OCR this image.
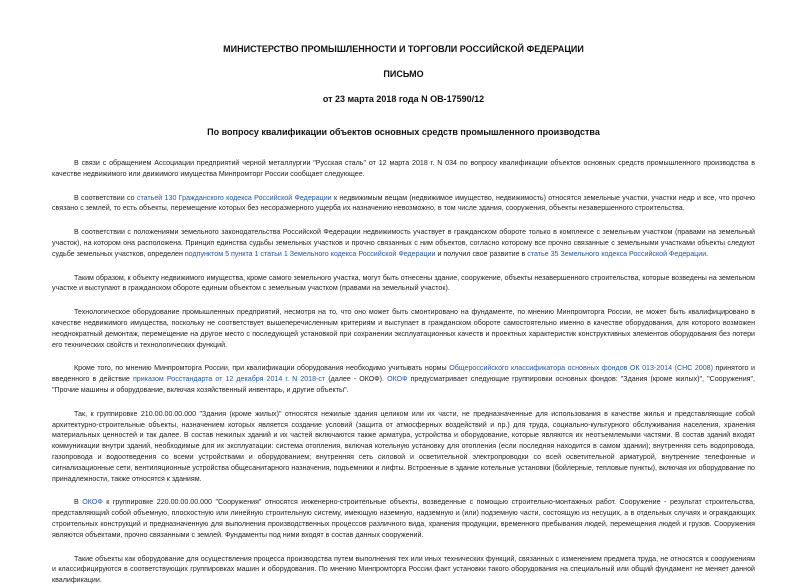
МИНИСТЕРСТВО ПРОМЫШЛЕННОСТИ И ТОРГОВЛИ РОССИЙСКОЙ ФЕДЕРАЦИИ
ПИСЬМО
от 23 марта 2018 года N ОВ-17590/12
По вопросу квалификации объектов основных средств промышленного производства

В связи с обращением Ассоциации предприятий черной металлургии "Русская сталь" от 12 марта 2018 г. N 034 по вопросу квалификации объектов основных средств промышленного производства в качестве недвижимого или движимого имущества Минпромторг России сообщает следующее.

В соответствии со статьей 130 Гражданского кодекса Российской Федерации к недвижимым вещам (недвижимое имущество, недвижимость) относятся земельные участки, участки недр и все, что прочно связано с землей, то есть объекты, перемещение которых без несоразмерного ущерба их назначению невозможно, в том числе здания, сооружения, объекты незавершенного строительства.

В соответствии с положениями земельного законодательства Российской Федерации недвижимость участвует в гражданском обороте только в комплексе с земельным участком (правами на земельный участок), на котором она расположена. Принцип единства судьбы земельных участков и прочно связанных с ним объектов, согласно которому все прочно связанные с земельными участками объекты следуют судьбе земельных участков, определен подпунктом 5 пункта 1 статьи 1 Земельного кодекса Российской Федерации и получил свое развитие в статье 35 Земельного кодекса Российской Федерации.

Таким образом, к объекту недвижимого имущества, кроме самого земельного участка, могут быть отнесены здание, сооружение, объекты незавершенного строительства, которые возведены на земельном участке и выступают в гражданском обороте единым объектом с земельным участком (правами на земельный участок).

Технологическое оборудование промышленных предприятий, несмотря на то, что оно может быть смонтировано на фундаменте, по мнению Минпромторга России, не может быть квалифицировано в качестве недвижимого имущества, поскольку не соответствует вышеперечисленным критериям и выступает в гражданском обороте самостоятельно именно в качестве оборудования, для которого возможен неоднократный демонтаж, перемещение на другое место с последующей установкой при сохранении эксплуатационных качеств и проектных характеристик конструктивных элементов оборудования без потери его технических свойств и технологических функций.

Кроме того, по мнению Минпромторга России, при квалификации оборудования необходимо учитывать нормы Общероссийского классификатора основных фондов ОК 013-2014 (СНС 2008) принятого и введенного в действие приказом Росстандарта от 12 декабря 2014 г. N 2018-ст (далее - ОКОФ). ОКОФ предусматривает следующие группировки основных фондов: "Здания (кроме жилых)", "Сооружения", "Прочие машины и оборудование, включая хозяйственный инвентарь, и другие объекты".

Так, к группировке 210.00.00.00.000 "Здания (кроме жилых)" относятся нежилые здания целиком или их части, не предназначенные для использования в качестве жилья и представляющие собой архитектурно-строительные объекты, назначением которых является создание условий (защита от атмосферных воздействий и пр.) для труда, социально-культурного обслуживания населения, хранения материальных ценностей и так далее. В состав нежилых зданий и их частей включаются также арматура, устройства и оборудование, которые являются их неотъемлемыми частями. В состав зданий входят коммуникации внутри зданий, необходимые для их эксплуатации: система отопления, включая котельную установку для отопления (если последняя находится в самом здании); внутренняя сеть водопровода, газопровода и водоотведения со всеми устройствами и оборудованием; внутренняя сеть силовой и осветительной электропроводки со всей осветительной арматурой, внутренние телефонные и сигнализационные сети, вентиляционные устройства общесанитарного назначения, подъемники и лифты. Встроенные в здание котельные установки (бойлерные, тепловые пункты), включая их оборудование по принадлежности, также относятся к зданиям.

В ОКОФ к группировке 220.00.00.00.000 "Сооружения" относятся инженерно-строительные объекты, возведенные с помощью строительно-монтажных работ. Сооружение - результат строительства, представляющий собой объемную, плоскостную или линейную строительную систему, имеющую наземную, надземную и (или) подземную части, состоящую из несущих, а в отдельных случаях и ограждающих строительных конструкций и предназначенную для выполнения производственных процессов различного вида, хранения продукции, временного пребывания людей, перемещения людей и грузов. Сооружения являются объектами, прочно связанными с землей. Фундаменты под ними входят в состав данных сооружений.

Такие объекты как оборудование для осуществления процесса производства путем выполнения тех или иных технических функций, связанных с изменением предмета труда, не относятся к сооружениям и классифицируются в соответствующих группировках машин и оборудования. По мнению Минпромторга России факт установки такого оборудования на специальный или общий фундамент не меняет данной квалификации.
